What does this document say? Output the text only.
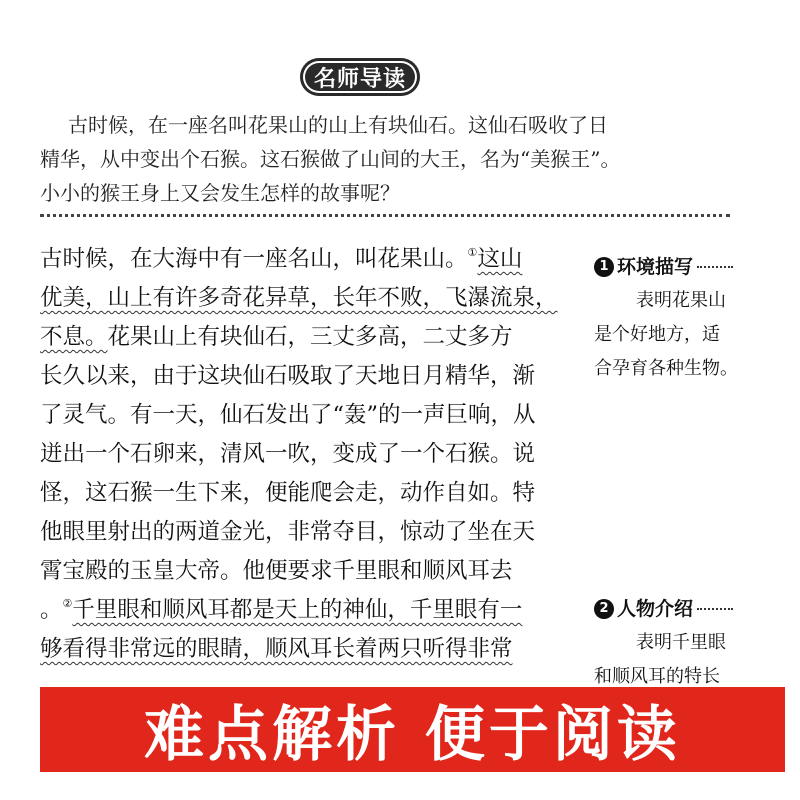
名师导读

古时候，在一座名叫花果山的山上有块仙石。这仙石吸收了日

精华，从中变出个石猴。这石猴做了山间的大王，名为“美猴王”。

小小的猴王身上又会发生怎样的故事呢？

古时候，在大海中有一座名山，叫花果山。①这山

优美，山上有许多奇花异草，长年不败，飞瀑流泉，

不息。花果山上有块仙石，三丈多高，二丈多方

长久以来，由于这块仙石吸取了天地日月精华，渐

了灵气。有一天，仙石发出了“轰”的一声巨响，从

迸出一个石卵来，清风一吹，变成了一个石猴。说

怪，这石猴一生下来，便能爬会走，动作自如。特

他眼里射出的两道金光，非常夺目，惊动了坐在天

霄宝殿的玉皇大帝。他便要求千里眼和顺风耳去

。②千里眼和顺风耳都是天上的神仙，千里眼有一

够看得非常远的眼睛，顺风耳长着两只听得非常

1 环境描写

表明花果山

是个好地方，适

合孕育各种生物。

2 人物介绍

表明千里眼

和顺风耳的特长

难点解析 便于阅读
